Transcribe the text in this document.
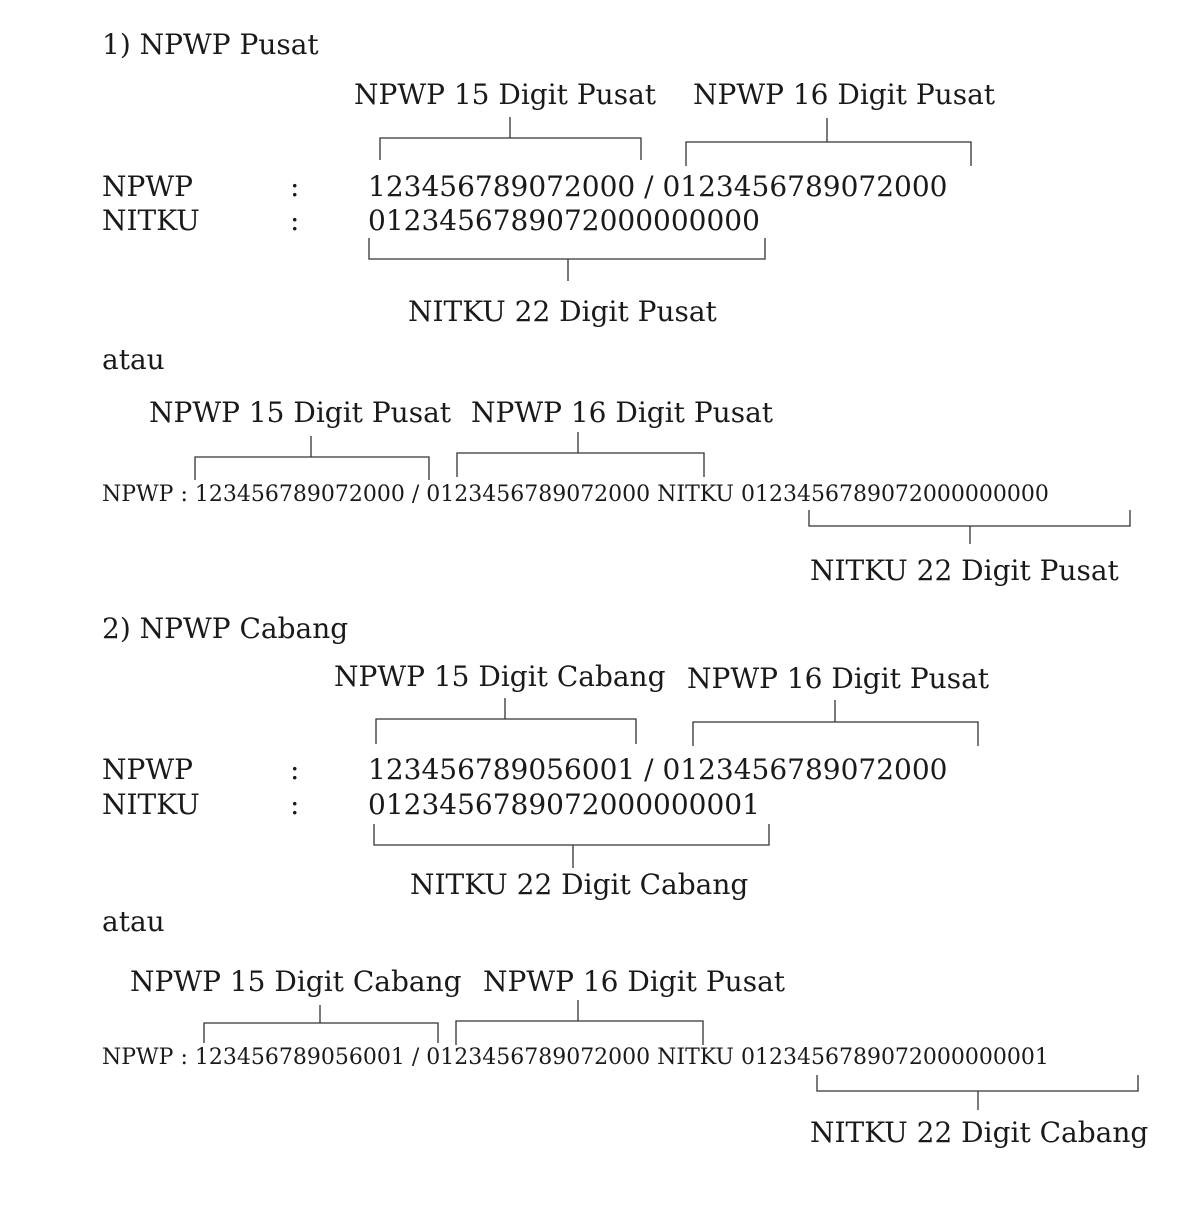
1) NPWP Pusat
NPWP 15 Digit Pusat NPWP 16 Digit Pusat
NPWP	: 123456789072000 / 0123456789072000
NITKU	: 0123456789072000000000
NITKU 22 Digit Pusat
atau
NPWP 15 Digit Pusat NPWP 16 Digit Pusat
NPWP : 123456789072000 / 0123456789072000 NITKU 0123456789072000000000
NITKU 22 Digit Pusat
2) NPWP Cabang
NPWP 15 Digit Cabang NPWP 16 Digit Pusat
NPWP	: 123456789056001 / 0123456789072000
NITKU	: 0123456789072000000001
NITKU 22 Digit Cabang
atau
NPWP 15 Digit Cabang NPWP 16 Digit Pusat
NPWP : 123456789056001 / 0123456789072000 NITKU 0123456789072000000001
NITKU 22 Digit Cabang
